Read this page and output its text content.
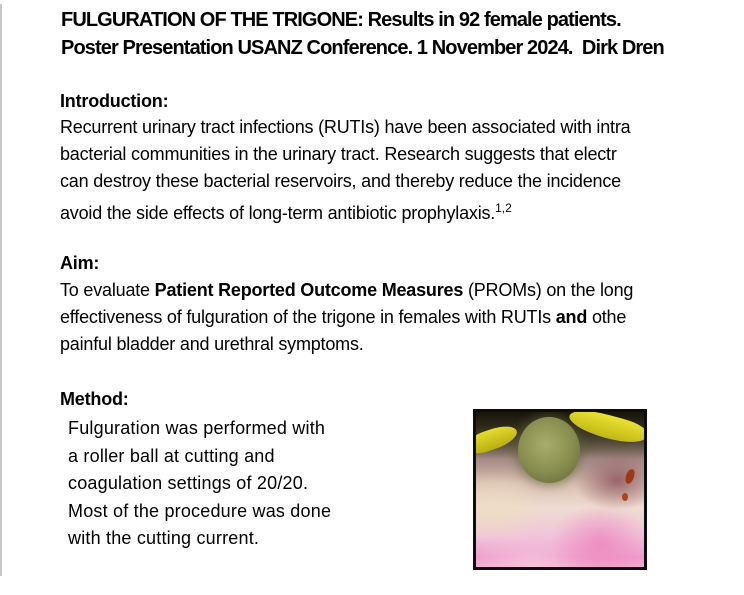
FULGURATION OF THE TRIGONE: Results in 92 female patients.
Poster Presentation USANZ Conference. 1 November 2024.  Dirk Dren
Introduction:
Recurrent urinary tract infections (RUTIs) have been associated with intra
bacterial communities in the urinary tract. Research suggests that electr
can destroy these bacterial reservoirs, and thereby reduce the incidence
avoid the side effects of long-term antibiotic prophylaxis.$^{1,2}$
Aim:
To evaluate Patient Reported Outcome Measures (PROMs) on the long
effectiveness of fulguration of the trigone in females with RUTIs and othe
painful bladder and urethral symptoms.
Method:
Fulguration was performed with
a roller ball at cutting and
coagulation settings of 20/20.
Most of the procedure was done
with the cutting current.
